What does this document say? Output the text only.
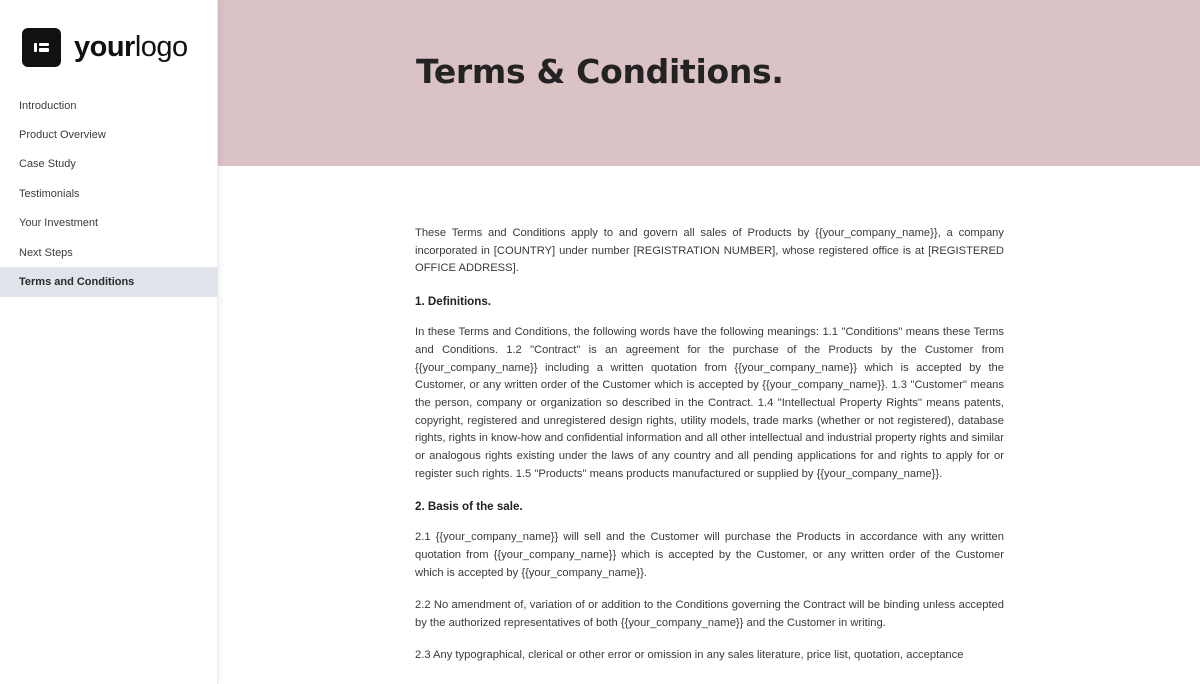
yourlogo
Introduction
Product Overview
Case Study
Testimonials
Your Investment
Next Steps
Terms and Conditions
Terms & Conditions.

These Terms and Conditions apply to and govern all sales of Products by {{your_company_name}}, a company incorporated in [COUNTRY] under number [REGISTRATION NUMBER], whose registered office is at [REGISTERED OFFICE ADDRESS].

1. Definitions.

In these Terms and Conditions, the following words have the following meanings: 1.1 "Conditions" means these Terms and Conditions. 1.2 "Contract" is an agreement for the purchase of the Products by the Customer from {{your_company_name}} including a written quotation from {{your_company_name}} which is accepted by the Customer, or any written order of the Customer which is accepted by {{your_company_name}}. 1.3 "Customer" means the person, company or organization so described in the Contract. 1.4 "Intellectual Property Rights" means patents, copyright, registered and unregistered design rights, utility models, trade marks (whether or not registered), database rights, rights in know-how and confidential information and all other intellectual and industrial property rights and similar or analogous rights existing under the laws of any country and all pending applications for and rights to apply for or register such rights. 1.5 "Products" means products manufactured or supplied by {{your_company_name}}.

2. Basis of the sale.

2.1 {{your_company_name}} will sell and the Customer will purchase the Products in accordance with any written quotation from {{your_company_name}} which is accepted by the Customer, or any written order of the Customer which is accepted by {{your_company_name}}.

2.2 No amendment of, variation of or addition to the Conditions governing the Contract will be binding unless accepted by the authorized representatives of both {{your_company_name}} and the Customer in writing.

2.3 Any typographical, clerical or other error or omission in any sales literature, price list, quotation, acceptance
